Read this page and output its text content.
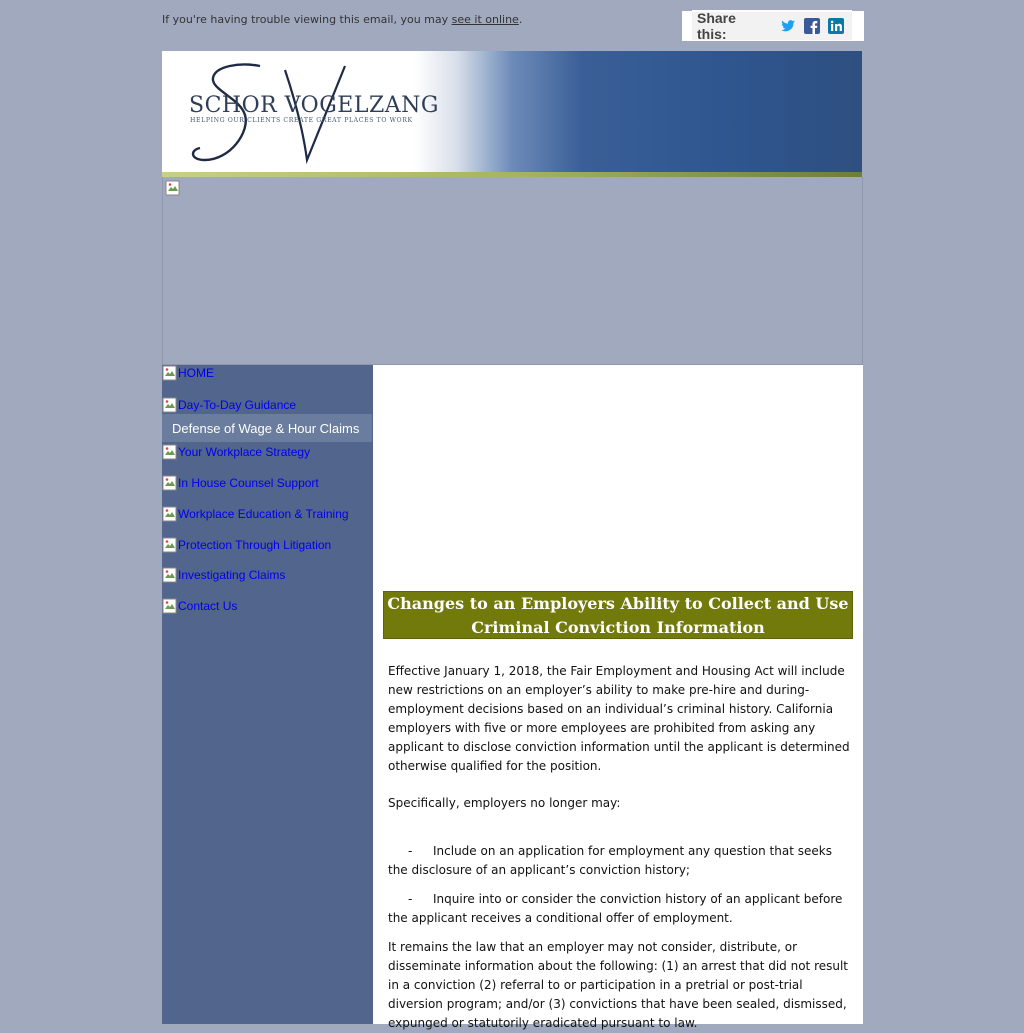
If you're having trouble viewing this email, you may see it online.	Share this:
SCHOR VOGELZANG
HELPING OUR CLIENTS CREATE GREAT PLACES TO WORK
HOME
Day-To-Day Guidance
Defense of Wage & Hour Claims
Your Workplace Strategy
In House Counsel Support
Workplace Education & Training
Protection Through Litigation
Investigating Claims
Contact Us	Changes to an Employers Ability to Collect and Use
Criminal Conviction Information
Effective January 1, 2018, the Fair Employment and Housing Act will include new restrictions on an employer’s ability to make pre-hire and during-employment decisions based on an individual’s criminal history. California employers with five or more employees are prohibited from asking any applicant to disclose conviction information until the applicant is determined otherwise qualified for the position.
Specifically, employers no longer may:
- Include on an application for employment any question that seeks the disclosure of an applicant’s conviction history;
- Inquire into or consider the conviction history of an applicant before the applicant receives a conditional offer of employment.
It remains the law that an employer may not consider, distribute, or disseminate information about the following: (1) an arrest that did not result in a conviction (2) referral to or participation in a pretrial or post-trial diversion program; and/or (3) convictions that have been sealed, dismissed, expunged or statutorily eradicated pursuant to law.
